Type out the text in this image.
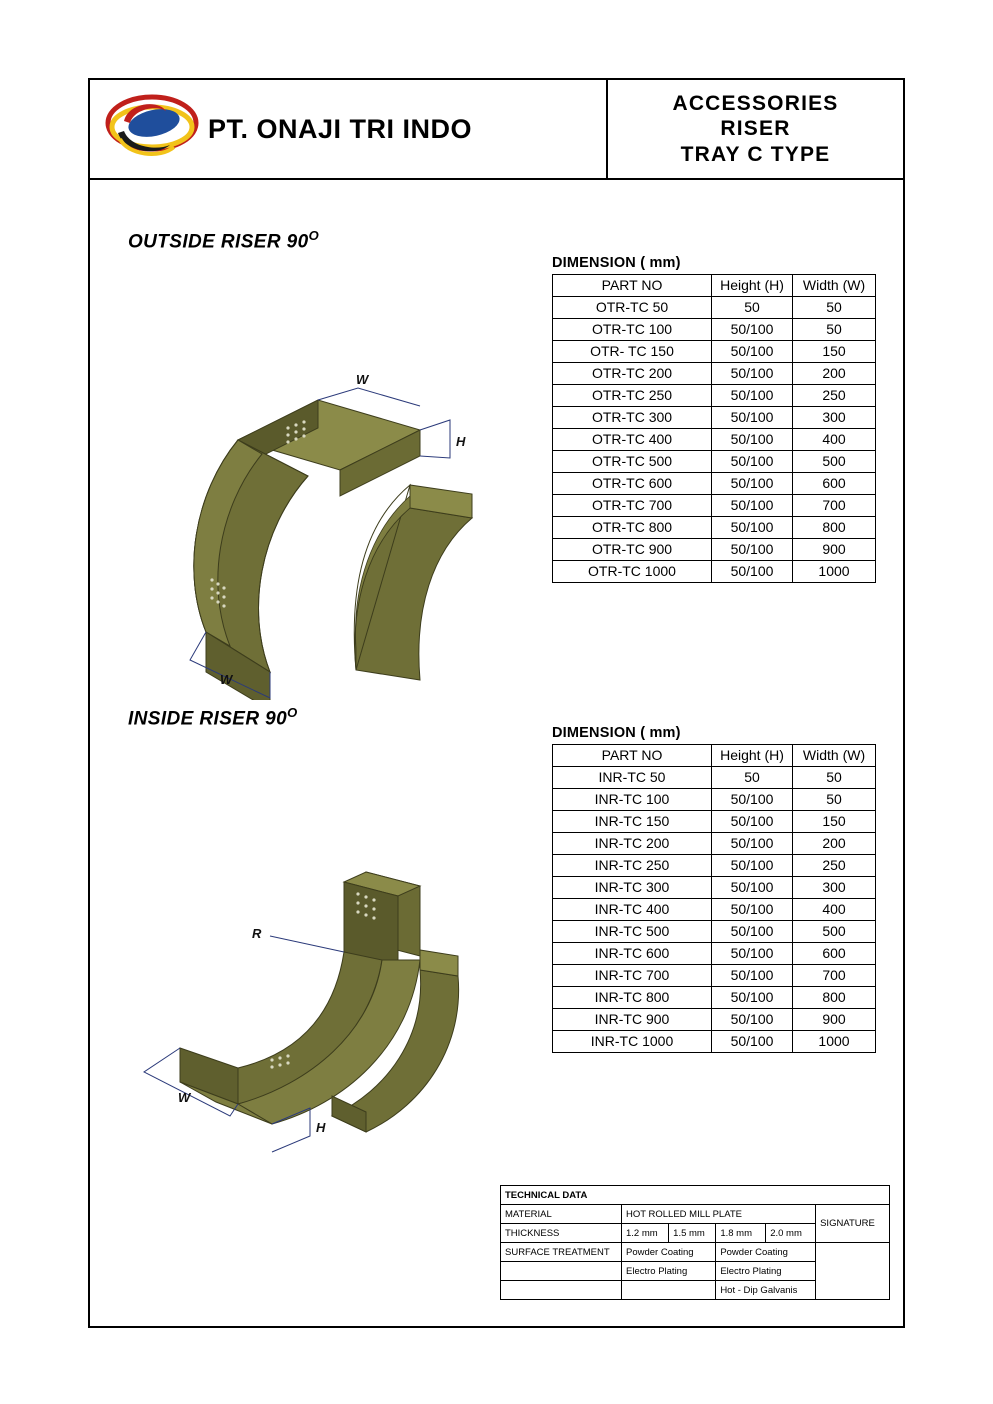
PT. ONAJI TRI INDO
ACCESSORIES
RISER
TRAY C TYPE
OUTSIDE RISER $90^O$
INSIDE RISER $90^O$
W
H
W
R
W
H
DIMENSION ( mm)
PART NO	Height (H)	Width (W)
OTR-TC 50	50	50
OTR-TC 100	50/100	50
OTR- TC 150	50/100	150
OTR-TC 200	50/100	200
OTR-TC 250	50/100	250
OTR-TC 300	50/100	300
OTR-TC 400	50/100	400
OTR-TC 500	50/100	500
OTR-TC 600	50/100	600
OTR-TC 700	50/100	700
OTR-TC 800	50/100	800
OTR-TC 900	50/100	900
OTR-TC 1000	50/100	1000
DIMENSION ( mm)
PART NO	Height (H)	Width (W)
INR-TC 50	50	50
INR-TC 100	50/100	50
INR-TC 150	50/100	150
INR-TC 200	50/100	200
INR-TC 250	50/100	250
INR-TC 300	50/100	300
INR-TC 400	50/100	400
INR-TC 500	50/100	500
INR-TC 600	50/100	600
INR-TC 700	50/100	700
INR-TC 800	50/100	800
INR-TC 900	50/100	900
INR-TC 1000	50/100	1000
TECHNICAL DATA					
MATERIAL	HOT ROLLED MILL PLATE				SIGNATURE
THICKNESS	1.2 mm	1.5 mm	1.8 mm	2.0 mm	
SURFACE TREATMENT	Powder Coating		Powder Coating		
	Electro Plating		Electro Plating		
			Hot - Dip Galvanis		
